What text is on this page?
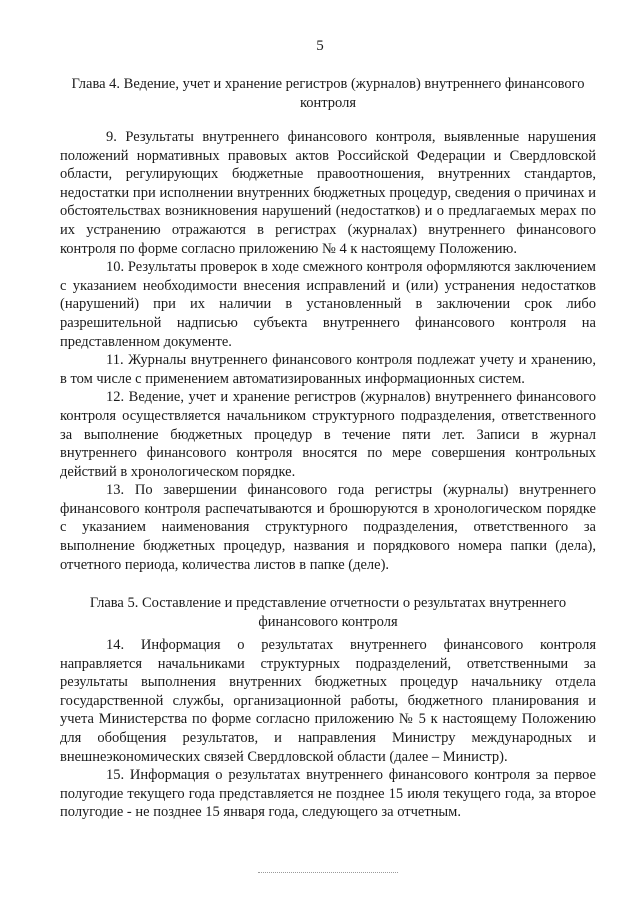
5
Глава 4. Ведение, учет и хранение регистров (журналов) внутреннего финансового контроля

9. Результаты внутреннего финансового контроля, выявленные нарушения положений нормативных правовых актов Российской Федерации и Свердловской области, регулирующих бюджетные правоотношения, внутренних стандартов, недостатки при исполнении внутренних бюджетных процедур, сведения о причинах и обстоятельствах возникновения нарушений (недостатков) и о предлагаемых мерах по их устранению отражаются в регистрах (журналах) внутреннего финансового контроля по форме согласно приложению № 4 к настоящему Положению.

10. Результаты проверок в ходе смежного контроля оформляются заключением с указанием необходимости внесения исправлений и (или) устранения недостатков (нарушений) при их наличии в установленный в заключении срок либо разрешительной надписью субъекта внутреннего финансового контроля на представленном документе.

11. Журналы внутреннего финансового контроля подлежат учету и хранению, в том числе с применением автоматизированных информационных систем.

12. Ведение, учет и хранение регистров (журналов) внутреннего финансового контроля осуществляется начальником структурного подразделения, ответственного за выполнение бюджетных процедур в течение пяти лет. Записи в журнал внутреннего финансового контроля вносятся по мере совершения контрольных действий в хронологическом порядке.

13. По завершении финансового года регистры (журналы) внутреннего финансового контроля распечатываются и брошюруются в хронологическом порядке с указанием наименования структурного подразделения, ответственного за выполнение бюджетных процедур, названия и порядкового номера папки (дела), отчетного периода, количества листов в папке (деле).

Глава 5. Составление и представление отчетности о результатах внутреннего финансового контроля

14. Информация о результатах внутреннего финансового контроля направляется начальниками структурных подразделений, ответственными за результаты выполнения внутренних бюджетных процедур начальнику отдела государственной службы, организационной работы, бюджетного планирования и учета Министерства по форме согласно приложению № 5 к настоящему Положению для обобщения результатов, и направления Министру международных и внешнеэкономических связей Свердловской области (далее – Министр).

15. Информация о результатах внутреннего финансового контроля за первое полугодие текущего года представляется не позднее 15 июля текущего года, за второе полугодие - не позднее 15 января года, следующего за отчетным.
